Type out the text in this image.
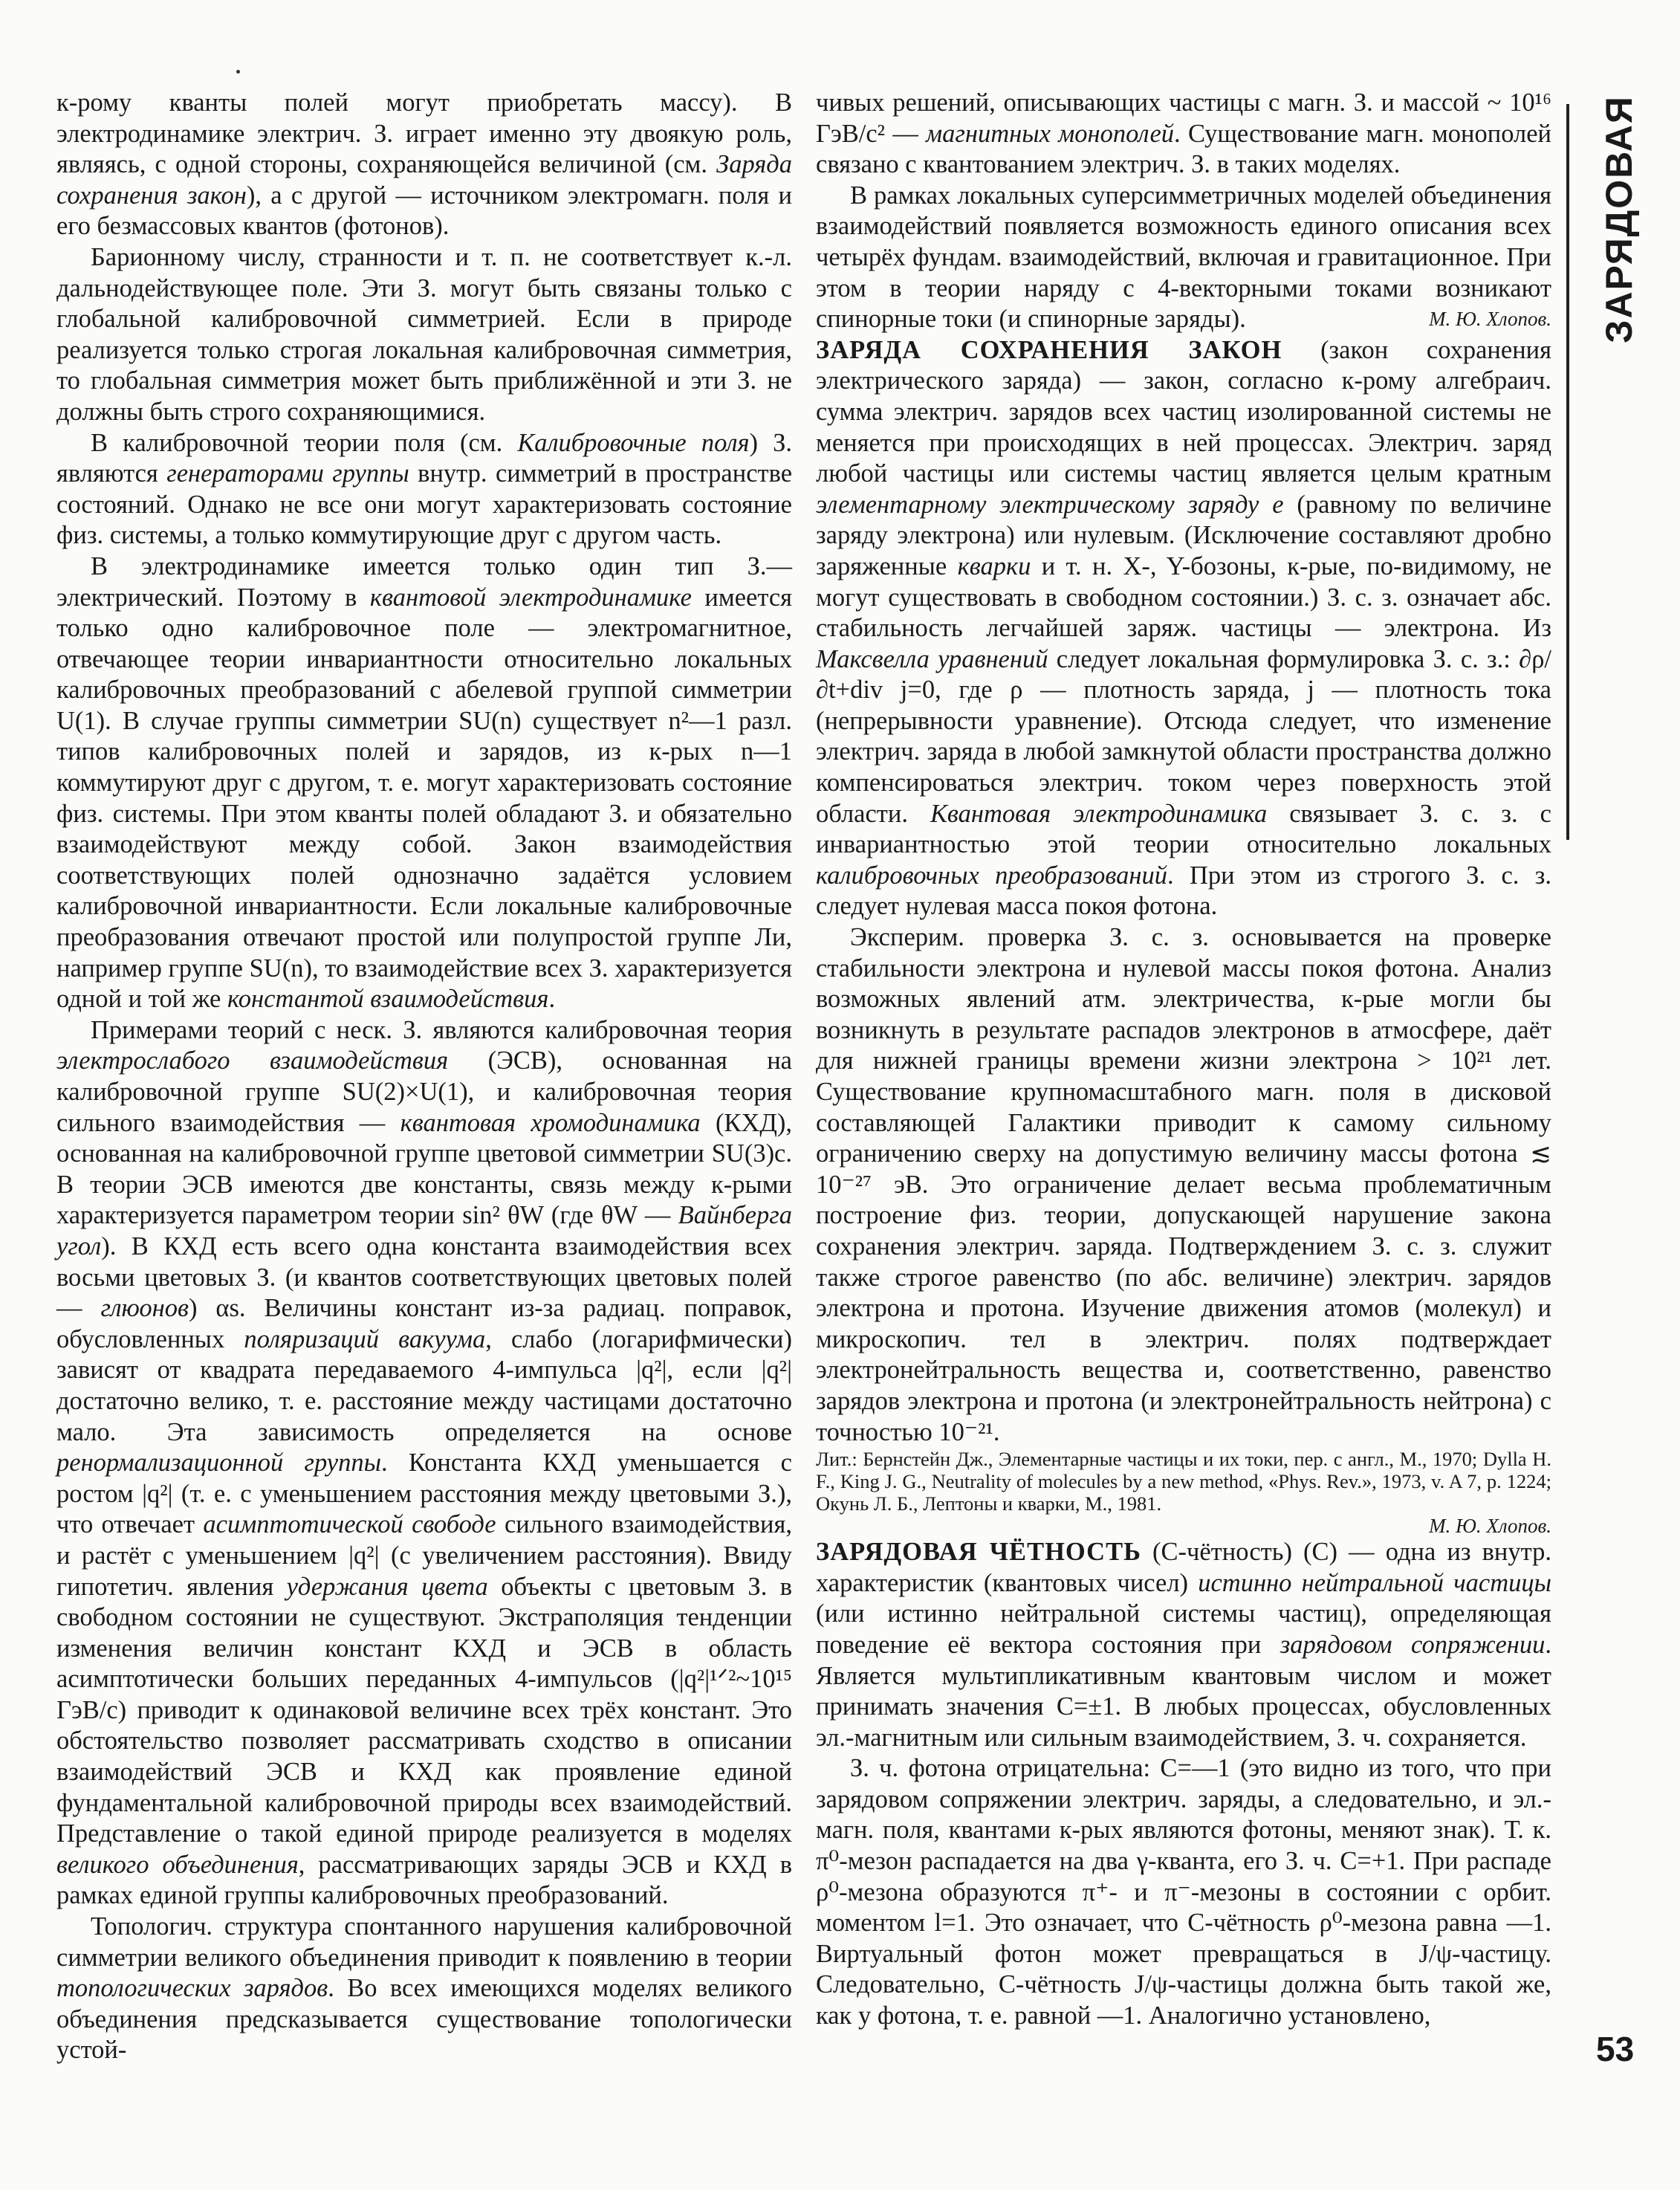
к-рому кванты полей могут приобретать массу). В электродинамике электрич. З. играет именно эту двоякую роль, являясь, с одной стороны, сохраняющейся величиной (см. Заряда сохранения закон), а с другой — источником электромагн. поля и его безмассовых квантов (фотонов).

Барионному числу, странности и т. п. не соответствует к.-л. дальнодействующее поле. Эти З. могут быть связаны только с глобальной калибровочной симметрией. Если в природе реализуется только строгая локальная калибровочная симметрия, то глобальная симметрия может быть приближённой и эти З. не должны быть строго сохраняющимися.

В калибровочной теории поля (см. Калибровочные поля) З. являются генераторами группы внутр. симметрий в пространстве состояний. Однако не все они могут характеризовать состояние физ. системы, а только коммутирующие друг с другом часть.

В электродинамике имеется только один тип З.— электрический. Поэтому в квантовой электродинамике имеется только одно калибровочное поле — электромагнитное, отвечающее теории инвариантности относительно локальных калибровочных преобразований с абелевой группой симметрии U(1). В случае группы симметрии SU(n) существует n²—1 разл. типов калибровочных полей и зарядов, из к-рых n—1 коммутируют друг с другом, т. е. могут характеризовать состояние физ. системы. При этом кванты полей обладают З. и обязательно взаимодействуют между собой. Закон взаимодействия соответствующих полей однозначно задаётся условием калибровочной инвариантности. Если локальные калибровочные преобразования отвечают простой или полупростой группе Ли, например группе SU(n), то взаимодействие всех З. характеризуется одной и той же константой взаимодействия.

Примерами теорий с неск. З. являются калибровочная теория электрослабого взаимодействия (ЭСВ), основанная на калибровочной группе SU(2)×U(1), и калибровочная теория сильного взаимодействия — квантовая хромодинамика (КХД), основанная на калибровочной группе цветовой симметрии SU(3)c. В теории ЭСВ имеются две константы, связь между к-рыми характеризуется параметром теории sin² θW (где θW — Вайнберга угол). В КХД есть всего одна константа взаимодействия всех восьми цветовых З. (и квантов соответствующих цветовых полей — глюонов) αs. Величины констант из-за радиац. поправок, обусловленных поляризаций вакуума, слабо (логарифмически) зависят от квадрата передаваемого 4-импульса |q²|, если |q²| достаточно велико, т. е. расстояние между частицами достаточно мало. Эта зависимость определяется на основе ренормализационной группы. Константа КХД уменьшается с ростом |q²| (т. е. с уменьшением расстояния между цветовыми З.), что отвечает асимптотической свободе сильного взаимодействия, и растёт с уменьшением |q²| (с увеличением расстояния). Ввиду гипотетич. явления удержания цвета объекты с цветовым З. в свободном состоянии не существуют. Экстраполяция тенденции изменения величин констант КХД и ЭСВ в область асимптотически больших переданных 4-импульсов (|q²|¹ᐟ²~10¹⁵ ГэВ/c) приводит к одинаковой величине всех трёх констант. Это обстоятельство позволяет рассматривать сходство в описании взаимодействий ЭСВ и КХД как проявление единой фундаментальной калибровочной природы всех взаимодействий. Представление о такой единой природе реализуется в моделях великого объединения, рассматривающих заряды ЭСВ и КХД в рамках единой группы калибровочных преобразований.

Топологич. структура спонтанного нарушения калибровочной симметрии великого объединения приводит к появлению в теории топологических зарядов. Во всех имеющихся моделях великого объединения предсказывается существование топологически устой-

чивых решений, описывающих частицы с магн. З. и массой ~ 10¹⁶ ГэВ/c² — магнитных монополей. Существование магн. монополей связано с квантованием электрич. З. в таких моделях.

В рамках локальных суперсимметричных моделей объединения взаимодействий появляется возможность единого описания всех четырёх фундам. взаимодействий, включая и гравитационное. При этом в теории наряду с 4-векторными токами возникают спинорные токи (и спинорные заряды).	М. Ю. Хлопов.

ЗАРЯДА СОХРАНЕНИЯ ЗАКОН (закон сохранения электрического заряда) — закон, согласно к-рому алгебраич. сумма электрич. зарядов всех частиц изолированной системы не меняется при происходящих в ней процессах. Электрич. заряд любой частицы или системы частиц является целым кратным элементарному электрическому заряду e (равному по величине заряду электрона) или нулевым. (Исключение составляют дробно заряженные кварки и т. н. X-, Y-бозоны, к-рые, по-видимому, не могут существовать в свободном состоянии.) З. с. з. означает абс. стабильность легчайшей заряж. частицы — электрона. Из Максвелла уравнений следует локальная формулировка З. с. з.: ∂ρ/∂t+div j=0, где ρ — плотность заряда, j — плотность тока (непрерывности уравнение). Отсюда следует, что изменение электрич. заряда в любой замкнутой области пространства должно компенсироваться электрич. током через поверхность этой области. Квантовая электродинамика связывает З. с. з. с инвариантностью этой теории относительно локальных калибровочных преобразований. При этом из строгого З. с. з. следует нулевая масса покоя фотона.

Эксперим. проверка З. с. з. основывается на проверке стабильности электрона и нулевой массы покоя фотона. Анализ возможных явлений атм. электричества, к-рые могли бы возникнуть в результате распадов электронов в атмосфере, даёт для нижней границы времени жизни электрона > 10²¹ лет. Существование крупномасштабного магн. поля в дисковой составляющей Галактики приводит к самому сильному ограничению сверху на допустимую величину массы фотона ≲ 10⁻²⁷ эВ. Это ограничение делает весьма проблематичным построение физ. теории, допускающей нарушение закона сохранения электрич. заряда. Подтверждением З. с. з. служит также строгое равенство (по абс. величине) электрич. зарядов электрона и протона. Изучение движения атомов (молекул) и микроскопич. тел в электрич. полях подтверждает электронейтральность вещества и, соответственно, равенство зарядов электрона и протона (и электронейтральность нейтрона) с точностью 10⁻²¹.

Лит.: Бернстейн Дж., Элементарные частицы и их токи, пер. с англ., М., 1970; Dylla H. F., King J. G., Neutrality of molecules by a new method, «Phys. Rev.», 1973, v. A 7, p. 1224; Окунь Л. Б., Лептоны и кварки, М., 1981.
М. Ю. Хлопов.

ЗАРЯДОВАЯ ЧЁТНОСТЬ (C-чётность) (C) — одна из внутр. характеристик (квантовых чисел) истинно нейтральной частицы (или истинно нейтральной системы частиц), определяющая поведение её вектора состояния при зарядовом сопряжении. Является мультипликативным квантовым числом и может принимать значения C=±1. В любых процессах, обусловленных эл.-магнитным или сильным взаимодействием, З. ч. сохраняется.

З. ч. фотона отрицательна: C=—1 (это видно из того, что при зарядовом сопряжении электрич. заряды, а следовательно, и эл.-магн. поля, квантами к-рых являются фотоны, меняют знак). Т. к. π⁰-мезон распадается на два γ-кванта, его З. ч. C=+1. При распаде ρ⁰-мезона образуются π⁺- и π⁻-мезоны в состоянии с орбит. моментом l=1. Это означает, что C-чётность ρ⁰-мезона равна —1. Виртуальный фотон может превращаться в J/ψ-частицу. Следовательно, C-чётность J/ψ-частицы должна быть такой же, как у фотона, т. е. равной —1. Аналогично установлено,

ЗАРЯДОВАЯ
53
